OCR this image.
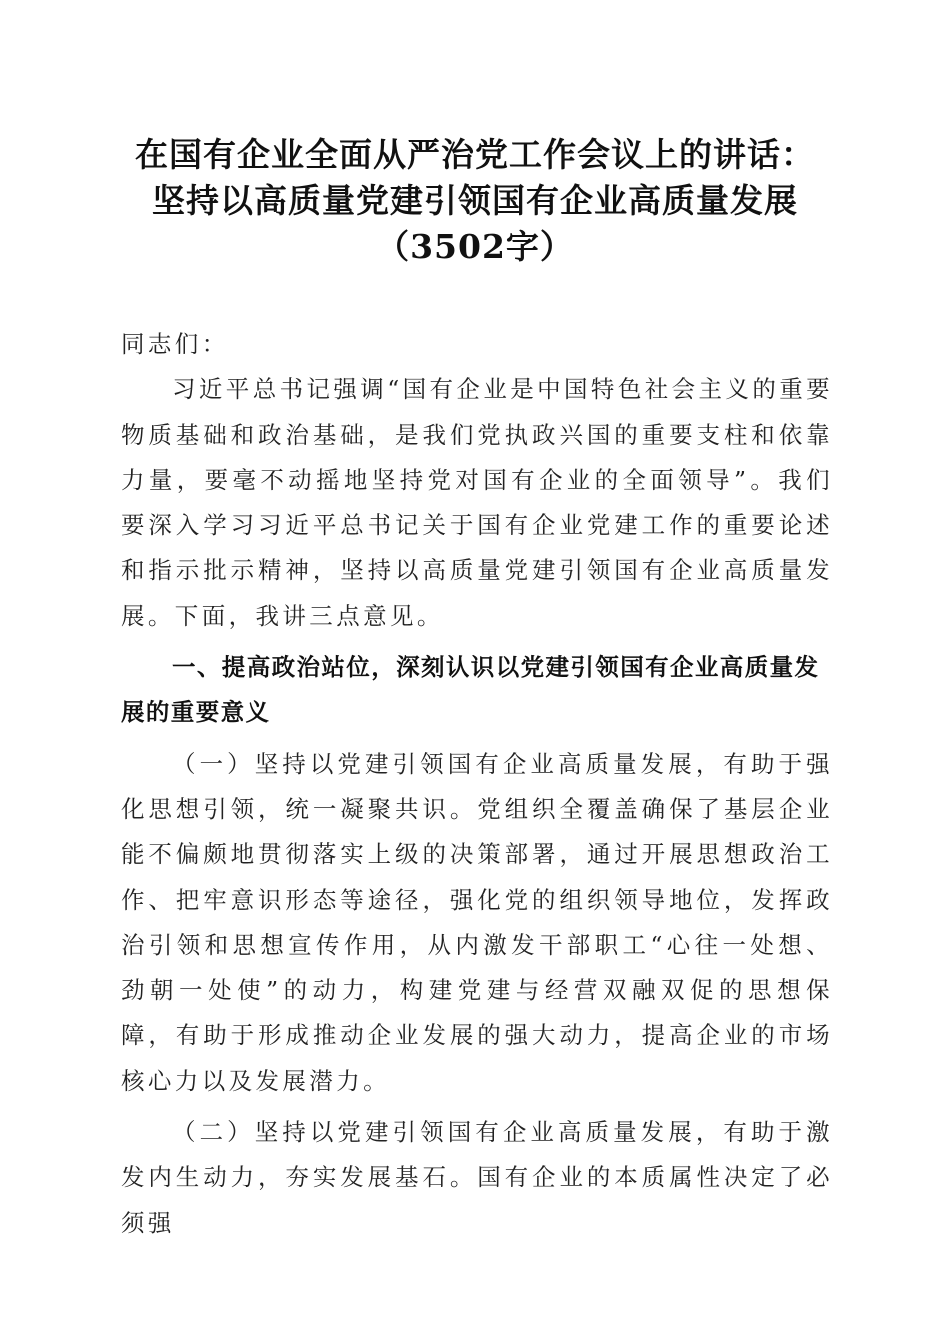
在国有企业全面从严治党工作会议上的讲话：
坚持以高质量党建引领国有企业高质量发展
（3502字）

同志们：

习近平总书记强调“国有企业是中国特色社会主义的重要物质基础和政治基础，是我们党执政兴国的重要支柱和依靠力量，要毫不动摇地坚持党对国有企业的全面领导”。我们要深入学习习近平总书记关于国有企业党建工作的重要论述和指示批示精神，坚持以高质量党建引领国有企业高质量发展。下面，我讲三点意见。

一、提高政治站位，深刻认识以党建引领国有企业高质量发展的重要意义

（一）坚持以党建引领国有企业高质量发展，有助于强化思想引领，统一凝聚共识。党组织全覆盖确保了基层企业能不偏颇地贯彻落实上级的决策部署，通过开展思想政治工作、把牢意识形态等途径，强化党的组织领导地位，发挥政治引领和思想宣传作用，从内激发干部职工“心往一处想、劲朝一处使”的动力，构建党建与经营双融双促的思想保障，有助于形成推动企业发展的强大动力，提高企业的市场核心力以及发展潜力。

（二）坚持以党建引领国有企业高质量发展，有助于激发内生动力，夯实发展基石。国有企业的本质属性决定了必须强
